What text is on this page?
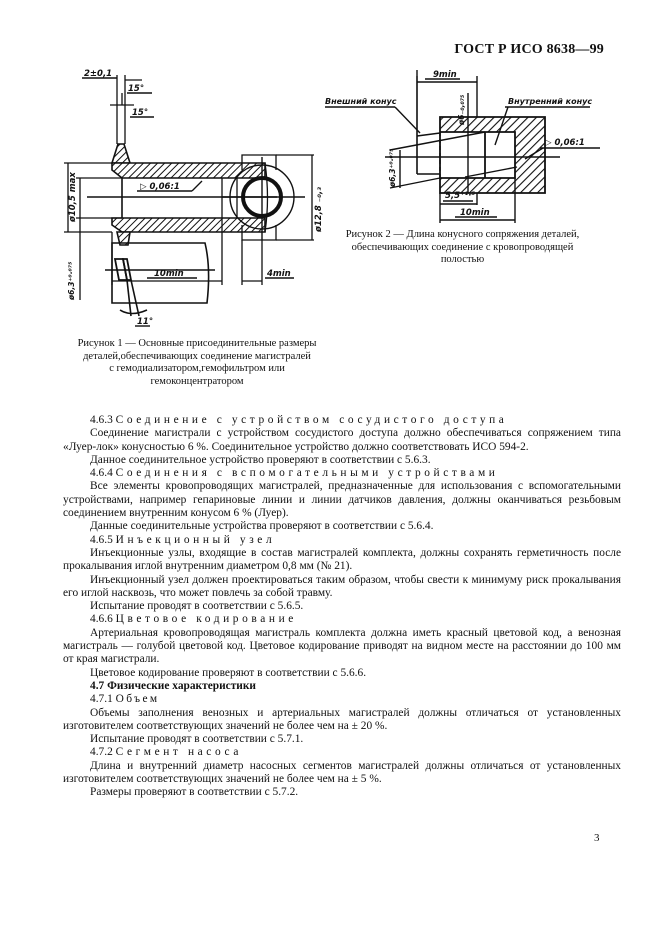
ГОСТ Р ИСО 8638—99
2±0,1
15°
15°
▷ 0,06:1
10min	4min
ø10,5 max
ø6,3⁺⁰·⁰⁷⁵
ø12,8 ₋₀,₃
11°
Рисунок 1 — Основные присоединительные размеры
деталей,обеспечивающих соединение магистралей
с гемодиализатором,гемофильтром или
гемоконцентратором
Внешний конус	Внутренний конус
9min
ø6₋₀,₀₇₅
ø6,3⁺⁰·⁰⁷⁵
▷ 0,06:1
5,5⁺¹·⁵
10min
Рисунок 2 — Длина конусного сопряжения деталей,
обеспечивающих соединение с кровопроводящей
полостью

4.6.3 Соединение с устройством сосудистого доступа

Соединение магистрали с устройством сосудистого доступа должно обеспечиваться сопряжением типа «Луер-лок» конусностью 6 %. Соединительное устройство должно соответствовать ИСО 594-2.

Данное соединительное устройство проверяют в соответствии с 5.6.3.

4.6.4 Соединения с вспомогательными устройствами

Все элементы кровопроводящих магистралей, предназначенные для использования с вспомогательными устройствами, например гепариновые линии и линии датчиков давления, должны оканчиваться резьбовым соединением внутренним конусом 6 % (Луер).

Данные соединительные устройства проверяют в соответствии с 5.6.4.

4.6.5 Инъекционный узел

Инъекционные узлы, входящие в состав магистралей комплекта, должны сохранять герметичность после прокалывания иглой внутренним диаметром 0,8 мм (№ 21).

Инъекционный узел должен проектироваться таким образом, чтобы свести к минимуму риск прокалывания его иглой насквозь, что может повлечь за собой травму.

Испытание проводят в соответствии с 5.6.5.

4.6.6 Цветовое кодирование

Артериальная кровопроводящая магистраль комплекта должна иметь красный цветовой код, а венозная магистраль — голубой цветовой код. Цветовое кодирование приводят на видном месте на расстоянии до 100 мм от края магистрали.

Цветовое кодирование проверяют в соответствии с 5.6.6.

4.7 Физические характеристики

4.7.1 Объем

Объемы заполнения венозных и артериальных магистралей должны отличаться от установленных изготовителем соответствующих значений не более чем на ± 20 %.

Испытание проводят в соответствии с 5.7.1.

4.7.2 Сегмент насоса

Длина и внутренний диаметр насосных сегментов магистралей должны отличаться от установленных изготовителем соответствующих значений не более чем на ± 5 %.

Размеры проверяют в соответствии с 5.7.2.

3
